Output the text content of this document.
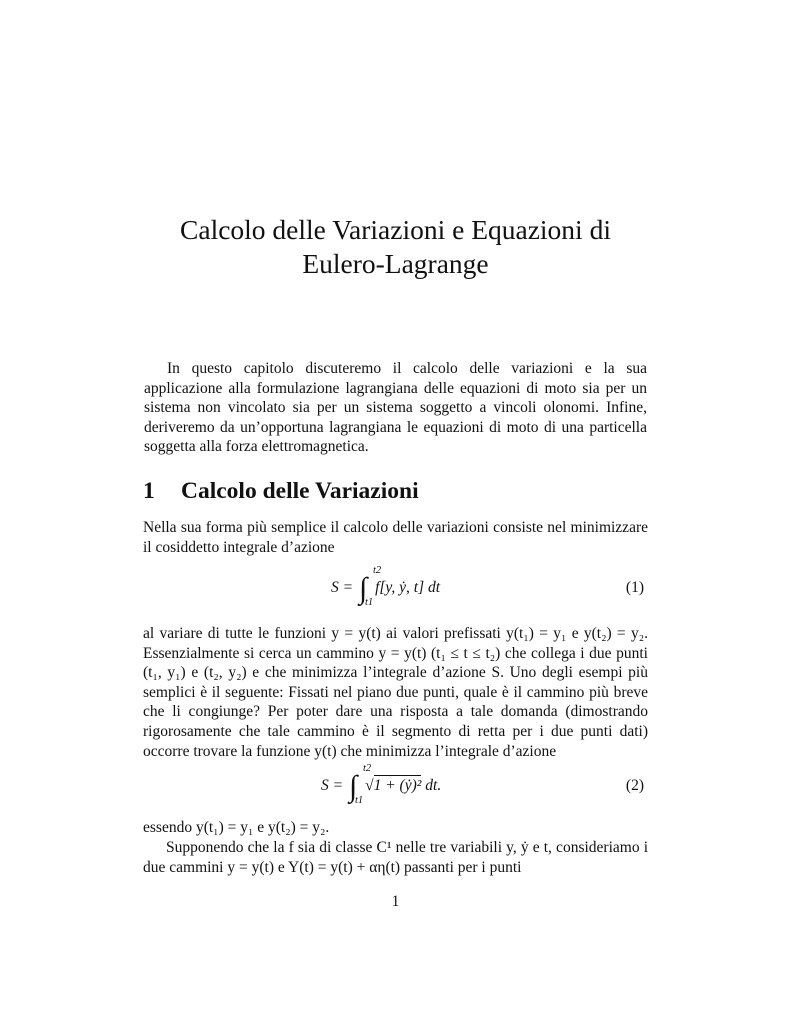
Calcolo delle Variazioni e Equazioni di
Eulero-Lagrange
In questo capitolo discuteremo il calcolo delle variazioni e la sua applicazione alla formulazione lagrangiana delle equazioni di moto sia per un sistema non vincolato sia per un sistema soggetto a vincoli olonomi. Infine, deriveremo da un’opportuna lagrangiana le equazioni di moto di una particella soggetta alla forza elettromagnetica.
1 Calcolo delle Variazioni
Nella sua forma più semplice il calcolo delle variazioni consiste nel minimizzare il cosiddetto integrale d’azione
S = ∫
t2
t1
f[y, ẏ, t] dt	(1)
al variare di tutte le funzioni y = y(t) ai valori prefissati y(t₁) = y₁ e y(t₂) = y₂. Essenzialmente si cerca un cammino y = y(t) (t₁ ≤ t ≤ t₂) che collega i due punti (t₁, y₁) e (t₂, y₂) e che minimizza l’integrale d’azione S. Uno degli esempi più semplici è il seguente: Fissati nel piano due punti, quale è il cammino più breve che li congiunge? Per poter dare una risposta a tale domanda (dimostrando rigorosamente che tale cammino è il segmento di retta per i due punti dati) occorre trovare la funzione y(t) che minimizza l’integrale d’azione
S = ∫
t2
t1
√1 + (ẏ)² dt.	(2)
essendo y(t₁) = y₁ e y(t₂) = y₂.
Supponendo che la f sia di classe C¹ nelle tre variabili y, ẏ e t, consideriamo i due cammini y = y(t) e Y(t) = y(t) + αη(t) passanti per i punti
1
